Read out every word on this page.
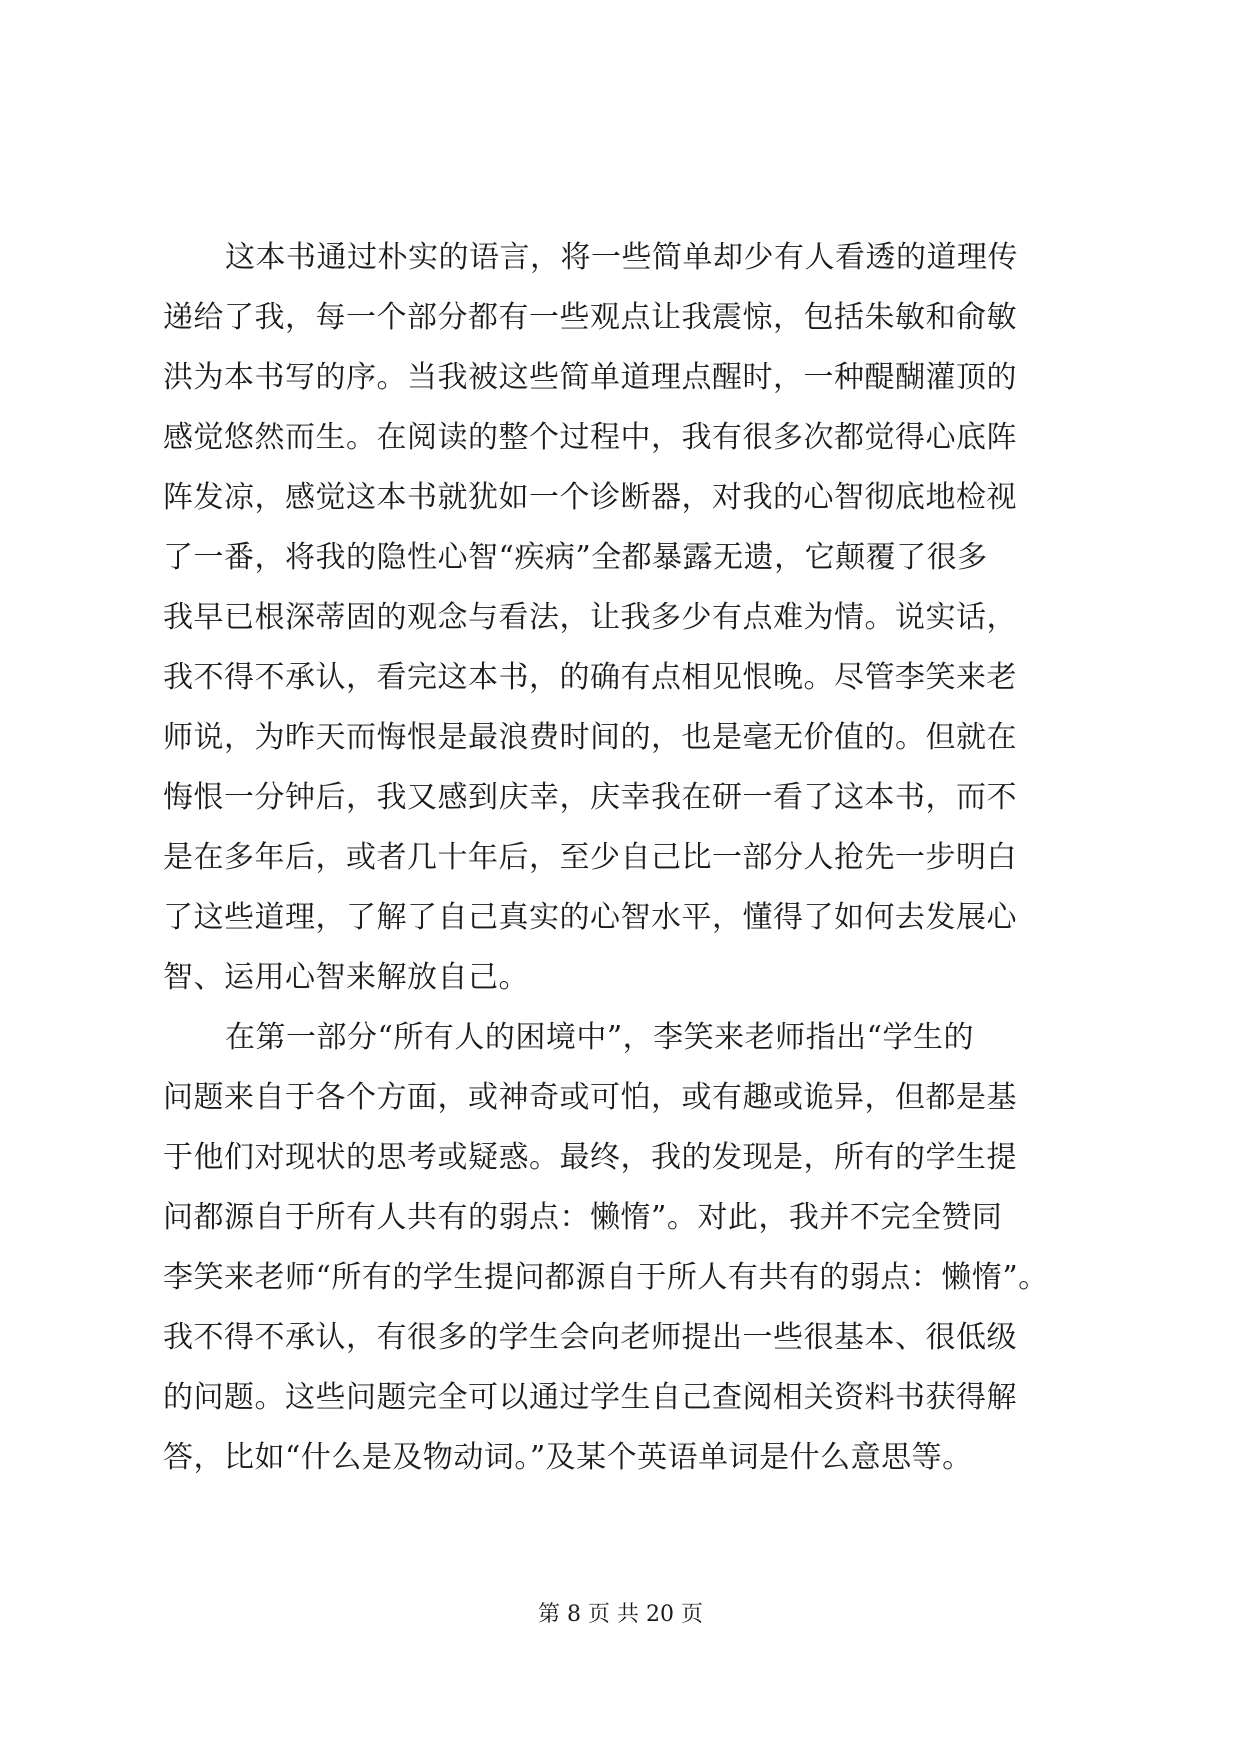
这本书通过朴实的语言，将一些简单却少有人看透的道理传
递给了我，每一个部分都有一些观点让我震惊，包括朱敏和俞敏
洪为本书写的序。当我被这些简单道理点醒时，一种醍醐灌顶的
感觉悠然而生。在阅读的整个过程中，我有很多次都觉得心底阵
阵发凉，感觉这本书就犹如一个诊断器，对我的心智彻底地检视
了一番，将我的隐性心智“疾病”全都暴露无遗，它颠覆了很多
我早已根深蒂固的观念与看法，让我多少有点难为情。说实话，
我不得不承认，看完这本书，的确有点相见恨晚。尽管李笑来老
师说，为昨天而悔恨是最浪费时间的，也是毫无价值的。但就在
悔恨一分钟后，我又感到庆幸，庆幸我在研一看了这本书，而不
是在多年后，或者几十年后，至少自己比一部分人抢先一步明白
了这些道理，了解了自己真实的心智水平，懂得了如何去发展心
智、运用心智来解放自己。
在第一部分“所有人的困境中”，李笑来老师指出“学生的
问题来自于各个方面，或神奇或可怕，或有趣或诡异，但都是基
于他们对现状的思考或疑惑。最终，我的发现是，所有的学生提
问都源自于所有人共有的弱点：懒惰”。对此，我并不完全赞同
李笑来老师“所有的学生提问都源自于所人有共有的弱点：懒惰”。
我不得不承认，有很多的学生会向老师提出一些很基本、很低级
的问题。这些问题完全可以通过学生自己查阅相关资料书获得解
答，比如“什么是及物动词。”及某个英语单词是什么意思等。
第 8 页 共 20 页
